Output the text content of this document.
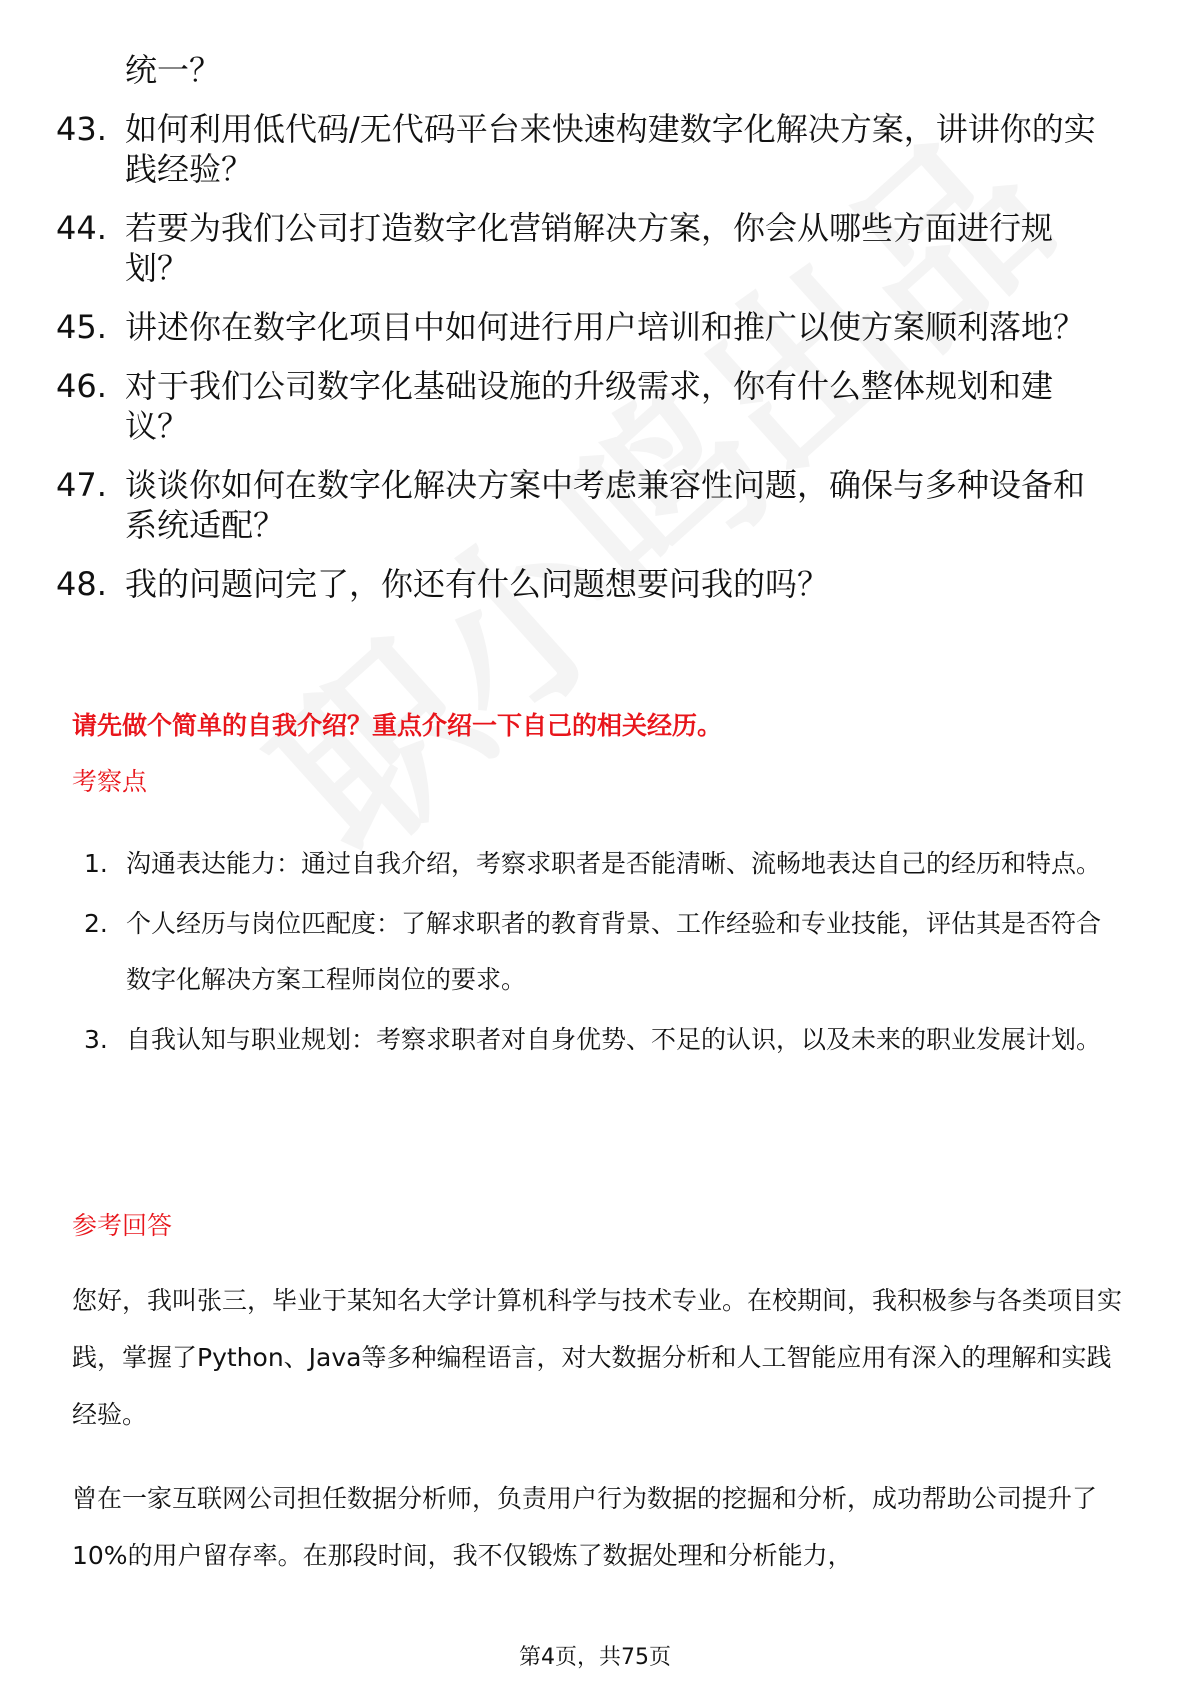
统一？
43. 如何利用低代码/无代码平台来快速构建数字化解决方案，讲讲你的实践经验？
44. 若要为我们公司打造数字化营销解决方案，你会从哪些方面进行规划？
45. 讲述你在数字化项目中如何进行用户培训和推广以使方案顺利落地？
46. 对于我们公司数字化基础设施的升级需求，你有什么整体规划和建议？
47. 谈谈你如何在数字化解决方案中考虑兼容性问题，确保与多种设备和系统适配？
48. 我的问题问完了，你还有什么问题想要问我的吗？
请先做个简单的自我介绍？重点介绍一下自己的相关经历。
考察点
1. 沟通表达能力：通过自我介绍，考察求职者是否能清晰、流畅地表达自己的经历和特点。
2. 个人经历与岗位匹配度：了解求职者的教育背景、工作经验和专业技能，评估其是否符合数字化解决方案工程师岗位的要求。
3. 自我认知与职业规划：考察求职者对自身优势、不足的认识，以及未来的职业发展计划。
参考回答
您好，我叫张三，毕业于某知名大学计算机科学与技术专业。在校期间，我积极参与各类项目实践，掌握了Python、Java等多种编程语言，对大数据分析和人工智能应用有深入的理解和实践经验。
曾在一家互联网公司担任数据分析师，负责用户行为数据的挖掘和分析，成功帮助公司提升了10%的用户留存率。在那段时间，我不仅锻炼了数据处理和分析能力，
第4页，共75页
